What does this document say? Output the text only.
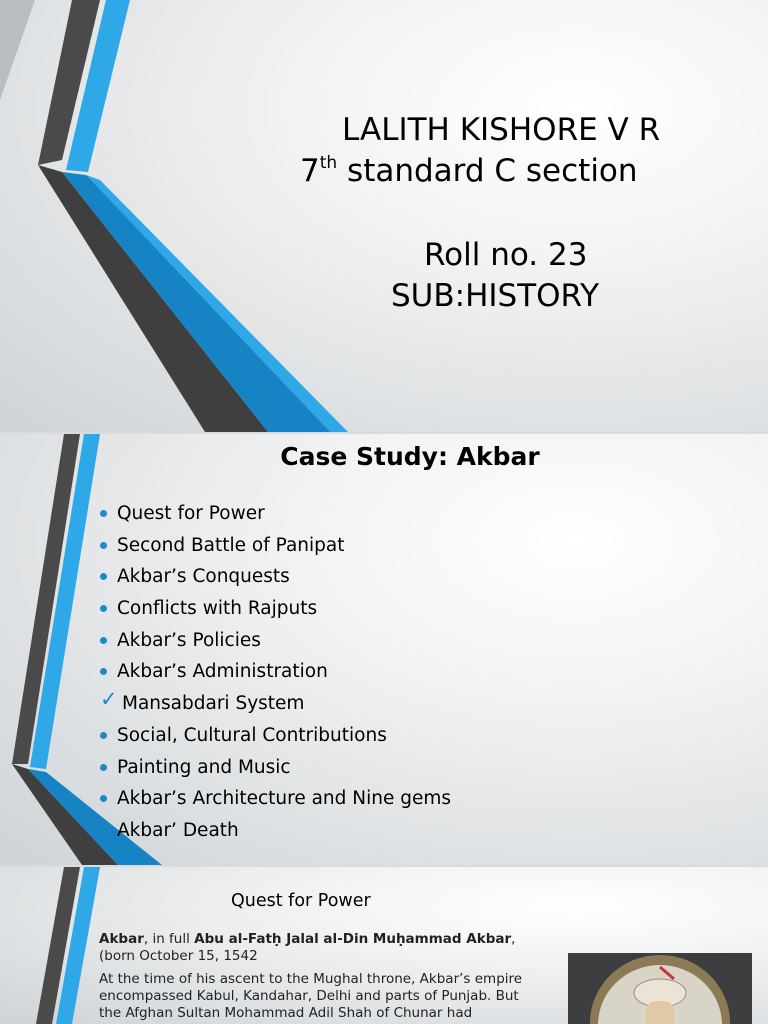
LALITH KISHORE V R
7th standard C section
Roll no. 23
SUB:HISTORY
Case Study: Akbar
Quest for Power
Second Battle of Panipat
Akbar’s Conquests
Conflicts with Rajputs
Akbar’s Policies
Akbar’s Administration
✓ Mansabdari System
Social, Cultural Contributions
Painting and Music
Akbar’s Architecture and Nine gems
Akbar’ Death
Quest for Power
Akbar, in full Abu al-Fatḥ Jalal al-Din Muḥammad Akbar,
(born October 15, 1542
At the time of his ascent to the Mughal throne, Akbar’s empire
encompassed Kabul, Kandahar, Delhi and parts of Punjab. But
the Afghan Sultan Mohammad Adil Shah of Chunar had
